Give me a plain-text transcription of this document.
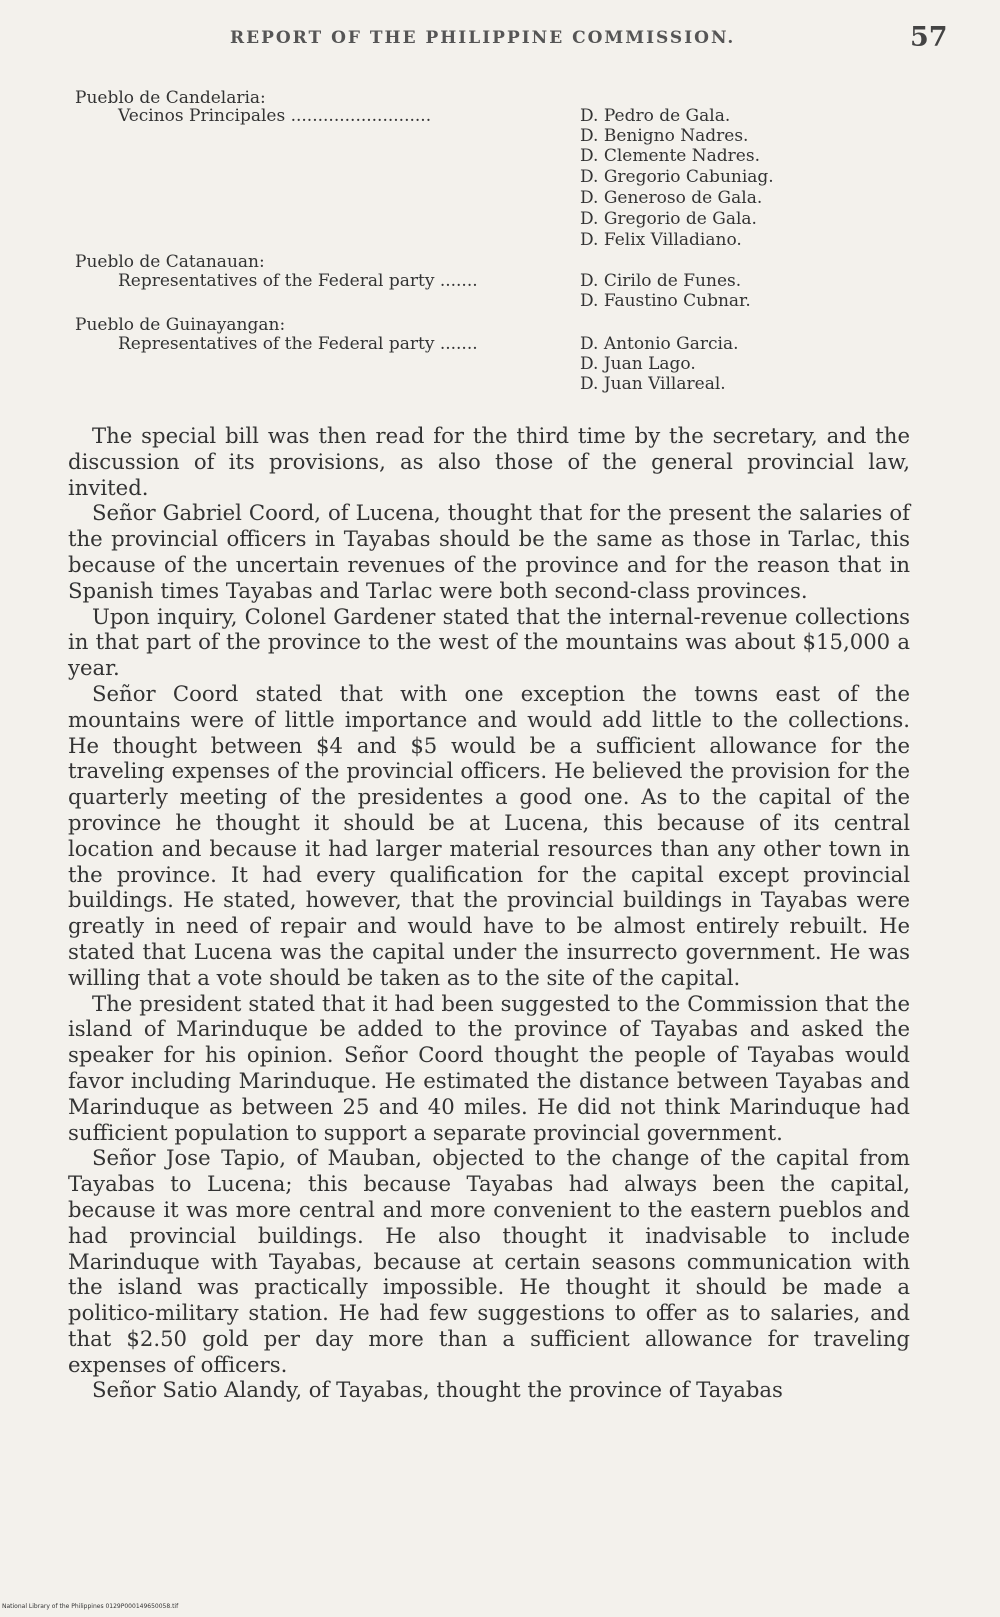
REPORT OF THE PHILIPPINE COMMISSION.	57
Pueblo de Candelaria:
Vecinos Principales ..........................	D. Pedro de Gala.
D. Benigno Nadres.
D. Clemente Nadres.
D. Gregorio Cabuniag.
D. Generoso de Gala.
D. Gregorio de Gala.
D. Felix Villadiano.
Pueblo de Catanauan:
Representatives of the Federal party .......	D. Cirilo de Funes.
D. Faustino Cubnar.
Pueblo de Guinayangan:
Representatives of the Federal party .......	D. Antonio Garcia.
D. Juan Lago.
D. Juan Villareal.

The special bill was then read for the third time by the secretary, and the discussion of its provisions, as also those of the general provincial law, invited.

Señor Gabriel Coord, of Lucena, thought that for the present the salaries of the provincial officers in Tayabas should be the same as those in Tarlac, this because of the uncertain revenues of the province and for the reason that in Spanish times Tayabas and Tarlac were both second-class provinces.

Upon inquiry, Colonel Gardener stated that the internal-revenue collections in that part of the province to the west of the mountains was about $15,000 a year.

Señor Coord stated that with one exception the towns east of the mountains were of little importance and would add little to the collections. He thought between $4 and $5 would be a sufficient allowance for the traveling expenses of the provincial officers. He believed the provision for the quarterly meeting of the presidentes a good one. As to the capital of the province he thought it should be at Lucena, this because of its central location and because it had larger material resources than any other town in the province. It had every qualification for the capital except provincial buildings. He stated, however, that the provincial buildings in Tayabas were greatly in need of repair and would have to be almost entirely rebuilt. He stated that Lucena was the capital under the insurrecto government. He was willing that a vote should be taken as to the site of the capital.

The president stated that it had been suggested to the Commission that the island of Marinduque be added to the province of Tayabas and asked the speaker for his opinion. Señor Coord thought the people of Tayabas would favor including Marinduque. He estimated the distance between Tayabas and Marinduque as between 25 and 40 miles. He did not think Marinduque had sufficient population to support a separate provincial government.

Señor Jose Tapio, of Mauban, objected to the change of the capital from Tayabas to Lucena; this because Tayabas had always been the capital, because it was more central and more convenient to the eastern pueblos and had provincial buildings. He also thought it inadvisable to include Marinduque with Tayabas, because at certain seasons communication with the island was practically impossible. He thought it should be made a politico-military station. He had few suggestions to offer as to salaries, and that $2.50 gold per day more than a sufficient allowance for traveling expenses of officers.

Señor Satio Alandy, of Tayabas, thought the province of Tayabas

National Library of the Philippines 0129P000149650058.tif
